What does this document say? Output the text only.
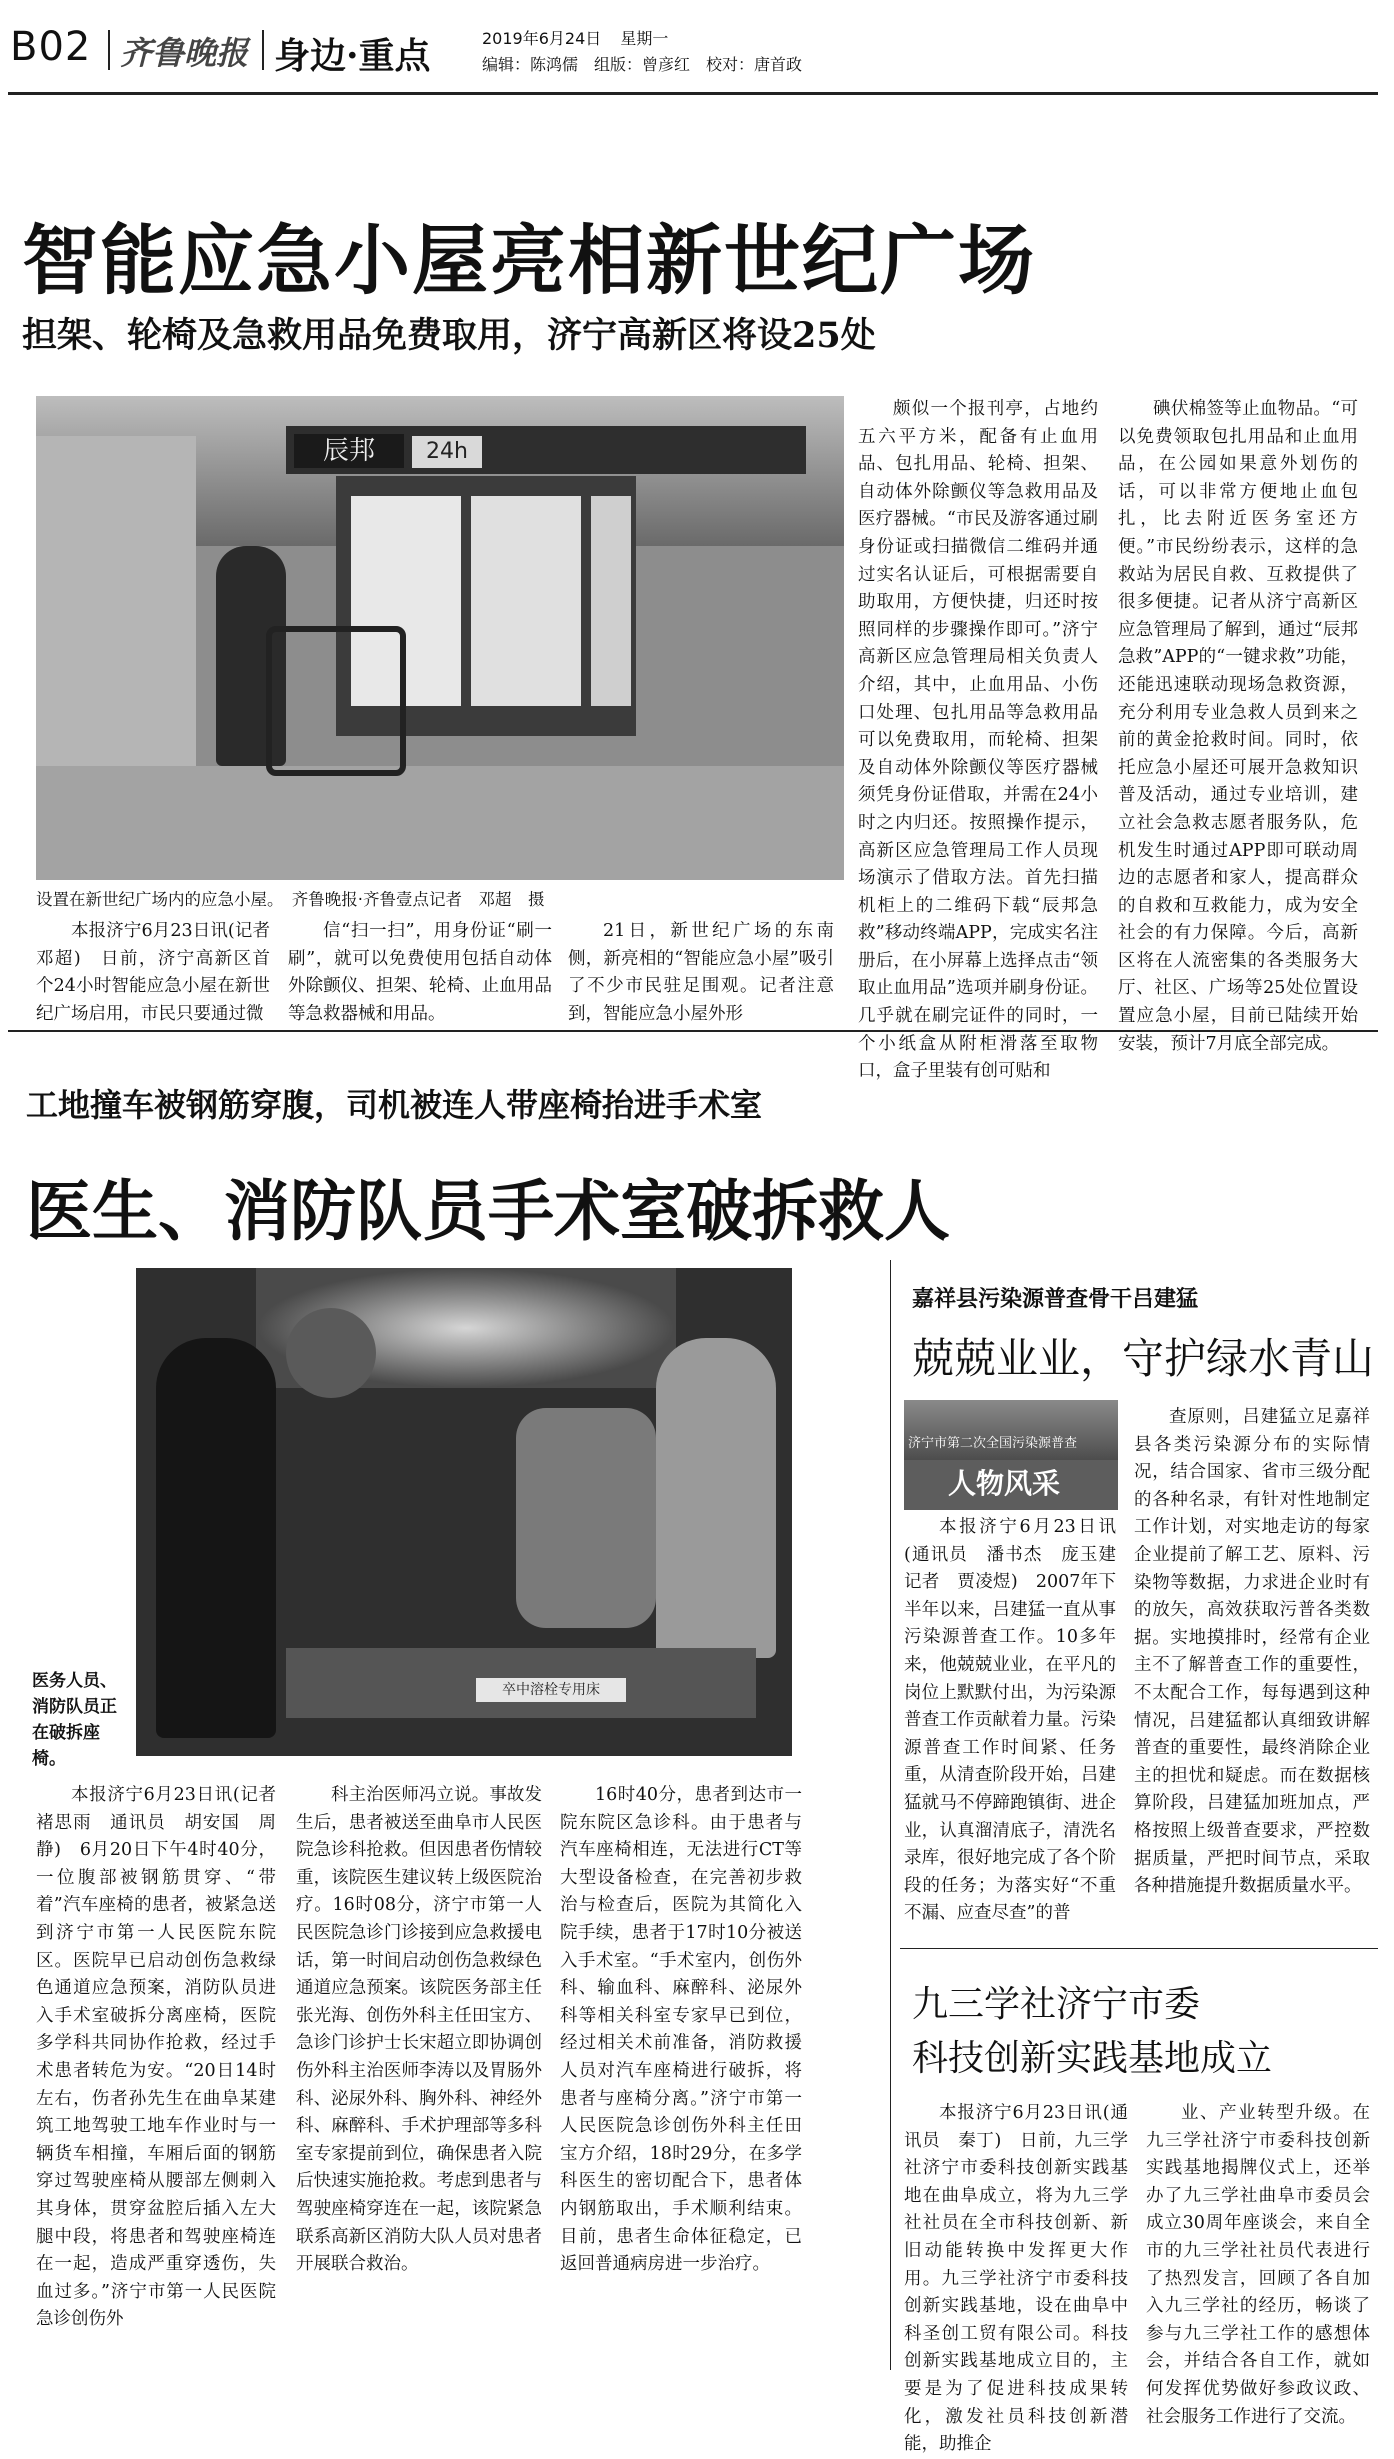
B02 齐鲁晚报 身边·重点	2019年6月24日 星期一
编辑：陈鸿儒　组版：曾彦红　校对：唐首政
智能应急小屋亮相新世纪广场
担架、轮椅及急救用品免费取用，济宁高新区将设25处
辰邦	24h
设置在新世纪广场内的应急小屋。　齐鲁晚报·齐鲁壹点记者　邓超　摄

本报济宁6月23日讯(记者　邓超)　日前，济宁高新区首个24小时智能应急小屋在新世纪广场启用，市民只要通过微

信“扫一扫”，用身份证“刷一刷”，就可以免费使用包括自动体外除颤仪、担架、轮椅、止血用品等急救器械和用品。

21日，新世纪广场的东南侧，新亮相的“智能应急小屋”吸引了不少市民驻足围观。记者注意到，智能应急小屋外形

颇似一个报刊亭，占地约五六平方米，配备有止血用品、包扎用品、轮椅、担架、自动体外除颤仪等急救用品及医疗器械。“市民及游客通过刷身份证或扫描微信二维码并通过实名认证后，可根据需要自助取用，方便快捷，归还时按照同样的步骤操作即可。”济宁高新区应急管理局相关负责人介绍，其中，止血用品、小伤口处理、包扎用品等急救用品可以免费取用，而轮椅、担架及自动体外除颤仪等医疗器械须凭身份证借取，并需在24小时之内归还。按照操作提示，高新区应急管理局工作人员现场演示了借取方法。首先扫描机柜上的二维码下载“辰邦急救”移动终端APP，完成实名注册后，在小屏幕上选择点击“领取止血用品”选项并刷身份证。几乎就在刷完证件的同时，一个小纸盒从附柜滑落至取物口，盒子里装有创可贴和

碘伏棉签等止血物品。“可以免费领取包扎用品和止血用品，在公园如果意外划伤的话，可以非常方便地止血包扎，比去附近医务室还方便。”市民纷纷表示，这样的急救站为居民自救、互救提供了很多便捷。记者从济宁高新区应急管理局了解到，通过“辰邦急救”APP的“一键求救”功能，还能迅速联动现场急救资源，充分利用专业急救人员到来之前的黄金抢救时间。同时，依托应急小屋还可展开急救知识普及活动，通过专业培训，建立社会急救志愿者服务队，危机发生时通过APP即可联动周边的志愿者和家人，提高群众的自救和互救能力，成为安全社会的有力保障。今后，高新区将在人流密集的各类服务大厅、社区、广场等25处位置设置应急小屋，目前已陆续开始安装，预计7月底全部完成。

工地撞车被钢筋穿腹，司机被连人带座椅抬进手术室
医生、消防队员手术室破拆救人
卒中溶栓专用床
医务人员、消防队员正在破拆座椅。

本报济宁6月23日讯(记者　褚思雨　通讯员　胡安国　周静)　6月20日下午4时40分，一位腹部被钢筋贯穿、“带着”汽车座椅的患者，被紧急送到济宁市第一人民医院东院区。医院早已启动创伤急救绿色通道应急预案，消防队员进入手术室破拆分离座椅，医院多学科共同协作抢救，经过手术患者转危为安。“20日14时左右，伤者孙先生在曲阜某建筑工地驾驶工地车作业时与一辆货车相撞，车厢后面的钢筋穿过驾驶座椅从腰部左侧刺入其身体，贯穿盆腔后插入左大腿中段，将患者和驾驶座椅连在一起，造成严重穿透伤，失血过多。”济宁市第一人民医院急诊创伤外

科主治医师冯立说。事故发生后，患者被送至曲阜市人民医院急诊科抢救。但因患者伤情较重，该院医生建议转上级医院治疗。16时08分，济宁市第一人民医院急诊门诊接到应急救援电话，第一时间启动创伤急救绿色通道应急预案。该院医务部主任张光海、创伤外科主任田宝方、急诊门诊护士长宋超立即协调创伤外科主治医师李涛以及胃肠外科、泌尿外科、胸外科、神经外科、麻醉科、手术护理部等多科室专家提前到位，确保患者入院后快速实施抢救。考虑到患者与驾驶座椅穿连在一起，该院紧急联系高新区消防大队人员对患者开展联合救治。

16时40分，患者到达市一院东院区急诊科。由于患者与汽车座椅相连，无法进行CT等大型设备检查，在完善初步救治与检查后，医院为其简化入院手续，患者于17时10分被送入手术室。“手术室内，创伤外科、输血科、麻醉科、泌尿外科等相关科室专家早已到位，经过相关术前准备，消防救援人员对汽车座椅进行破拆，将患者与座椅分离。”济宁市第一人民医院急诊创伤外科主任田宝方介绍，18时29分，在多学科医生的密切配合下，患者体内钢筋取出，手术顺利结束。目前，患者生命体征稳定，已返回普通病房进一步治疗。

嘉祥县污染源普查骨干吕建猛
兢兢业业，守护绿水青山
济宁市第二次全国污染源普查
人物风采

本报济宁6月23日讯(通讯员　潘书杰　庞玉建　记者　贾凌煜)　2007年下半年以来，吕建猛一直从事污染源普查工作。10多年来，他兢兢业业，在平凡的岗位上默默付出，为污染源普查工作贡献着力量。污染源普查工作时间紧、任务重，从清查阶段开始，吕建猛就马不停蹄跑镇街、进企业，认真溜清底子，清洗名录库，很好地完成了各个阶段的任务；为落实好“不重不漏、应查尽查”的普

查原则，吕建猛立足嘉祥县各类污染源分布的实际情况，结合国家、省市三级分配的各种名录，有针对性地制定工作计划，对实地走访的每家企业提前了解工艺、原料、污染物等数据，力求进企业时有的放矢，高效获取污普各类数据。实地摸排时，经常有企业主不了解普查工作的重要性，不太配合工作，每每遇到这种情况，吕建猛都认真细致讲解普查的重要性，最终消除企业主的担忧和疑虑。而在数据核算阶段，吕建猛加班加点，严格按照上级普查要求，严控数据质量，严把时间节点，采取各种措施提升数据质量水平。

九三学社济宁市委
科技创新实践基地成立

本报济宁6月23日讯(通讯员　秦丁)　日前，九三学社济宁市委科技创新实践基地在曲阜成立，将为九三学社社员在全市科技创新、新旧动能转换中发挥更大作用。九三学社济宁市委科技创新实践基地，设在曲阜中科圣创工贸有限公司。科技创新实践基地成立目的，主要是为了促进科技成果转化，激发社员科技创新潜能，助推企

业、产业转型升级。在九三学社济宁市委科技创新实践基地揭牌仪式上，还举办了九三学社曲阜市委员会成立30周年座谈会，来自全市的九三学社社员代表进行了热烈发言，回顾了各自加入九三学社的经历，畅谈了参与九三学社工作的感想体会，并结合各自工作，就如何发挥优势做好参政议政、社会服务工作进行了交流。
